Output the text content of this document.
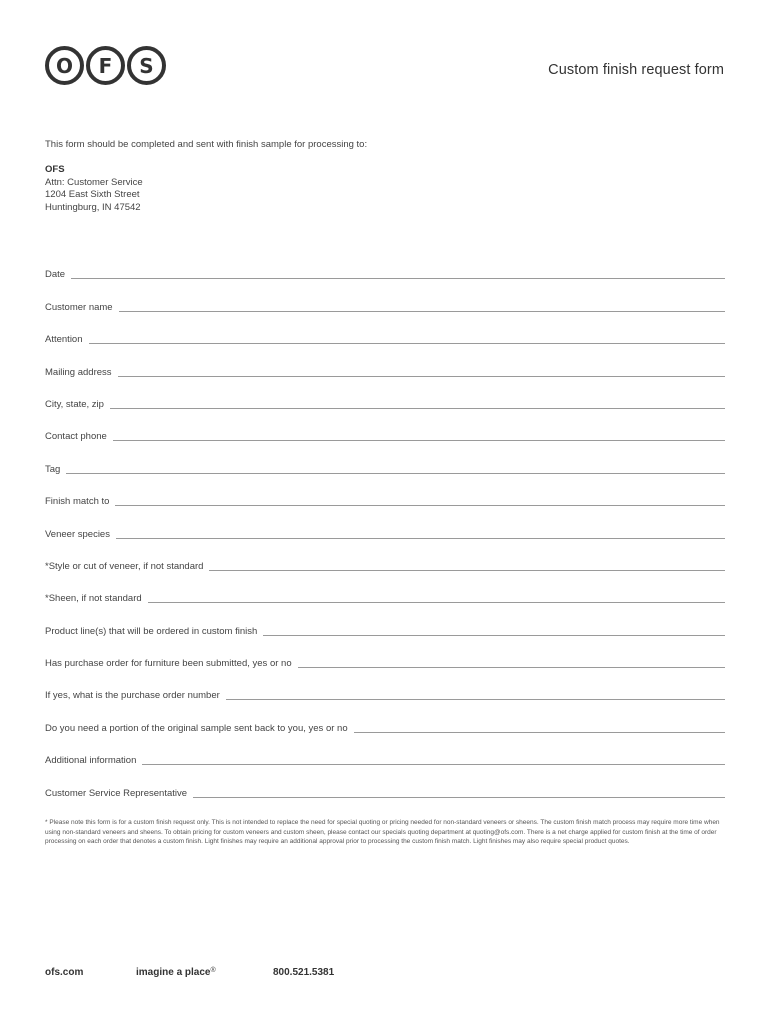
O	F	S	Custom finish request form
This form should be completed and sent with finish sample for processing to:
OFS
Attn: Customer Service
1204 East Sixth Street
Huntingburg, IN 47542
Date
Customer name
Attention
Mailing address
City, state, zip
Contact phone
Tag
Finish match to
Veneer species
*Style or cut of veneer, if not standard
*Sheen, if not standard
Product line(s) that will be ordered in custom finish
Has purchase order for furniture been submitted, yes or no
If yes, what is the purchase order number
Do you need a portion of the original sample sent back to you, yes or no
Additional information
Customer Service Representative
* Please note this form is for a custom finish request only. This is not intended to replace the need for special quoting or pricing needed for non-standard veneers or sheens. The custom finish match process may require more time when using non-standard veneers and sheens. To obtain pricing for custom veneers and custom sheen, please contact our specials quoting department at quoting@ofs.com. There is a net charge applied for custom finish at the time of order processing on each order that denotes a custom finish. Light finishes may require an additional approval prior to processing the custom finish match. Light finishes may also require special product quotes.
ofs.com	imagine a place®	800.521.5381
